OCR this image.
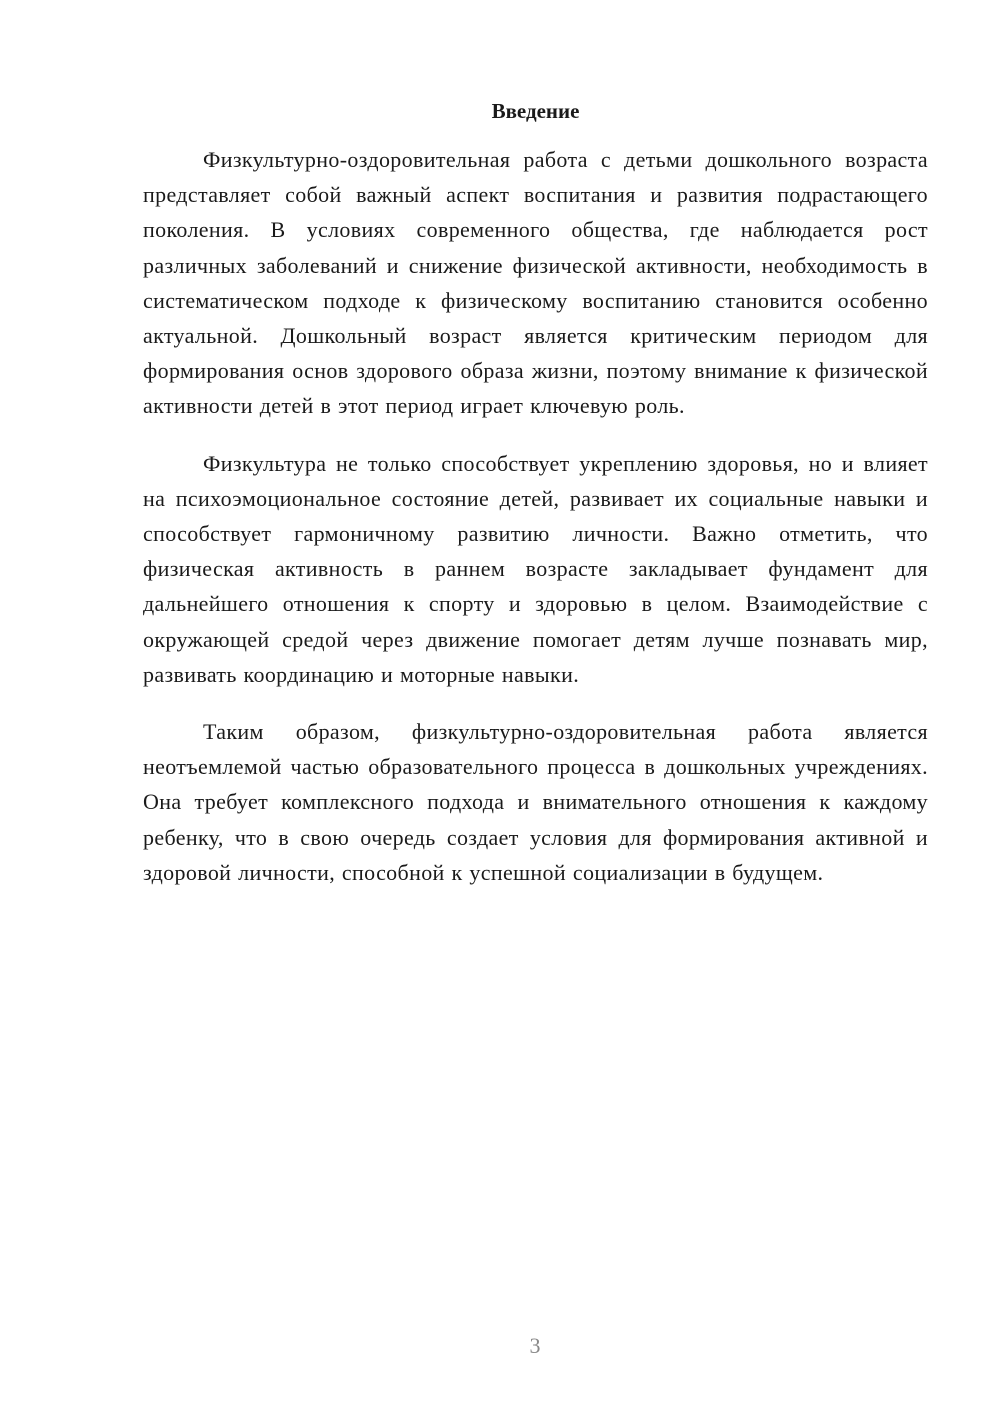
Введение

Физкультурно-оздоровительная работа с детьми дошкольного возраста представляет собой важный аспект воспитания и развития подрастающего поколения. В условиях современного общества, где наблюдается рост различных заболеваний и снижение физической активности, необходимость в систематическом подходе к физическому воспитанию становится особенно актуальной. Дошкольный возраст является критическим периодом для формирования основ здорового образа жизни, поэтому внимание к физической активности детей в этот период играет ключевую роль.

Физкультура не только способствует укреплению здоровья, но и влияет на психоэмоциональное состояние детей, развивает их социальные навыки и способствует гармоничному развитию личности. Важно отметить, что физическая активность в раннем возрасте закладывает фундамент для дальнейшего отношения к спорту и здоровью в целом. Взаимодействие с окружающей средой через движение помогает детям лучше познавать мир, развивать координацию и моторные навыки.

Таким образом, физкультурно-оздоровительная работа является неотъемлемой частью образовательного процесса в дошкольных учреждениях. Она требует комплексного подхода и внимательного отношения к каждому ребенку, что в свою очередь создает условия для формирования активной и здоровой личности, способной к успешной социализации в будущем.

3
